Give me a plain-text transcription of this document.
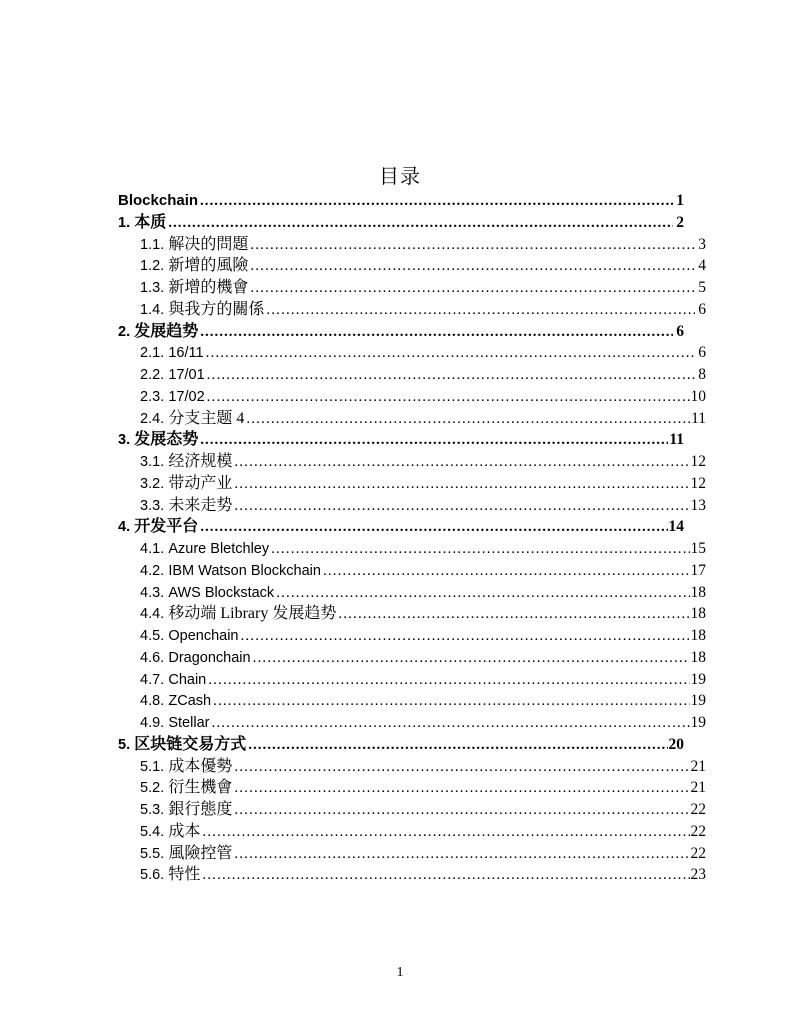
目录
Blockchain .....	1
1. 本质 .....	2
1.1. 解决的問題 .....	3
1.2. 新增的風險 .....	4
1.3. 新增的機會 .....	5
1.4. 與我方的關係 .....	6
2. 发展趋势 .....	6
2.1. 16/11 .....	6
2.2. 17/01 .....	8
2.3. 17/02 .....	10
2.4. 分支主题 4 .....	11
3. 发展态势 .....	11
3.1. 经济规模 .....	12
3.2. 带动产业 .....	12
3.3. 未来走势 .....	13
4. 开发平台 .....	14
4.1. Azure Bletchley .....	15
4.2. IBM Watson Blockchain .....	17
4.3. AWS Blockstack .....	18
4.4. 移动端 Library 发展趋势 .....	18
4.5. Openchain .....	18
4.6. Dragonchain .....	18
4.7. Chain .....	19
4.8. ZCash .....	19
4.9. Stellar .....	19
5. 区块链交易方式 .....	20
5.1. 成本優勢 .....	21
5.2. 衍生機會 .....	21
5.3. 銀行態度 .....	22
5.4. 成本 .....	22
5.5. 風險控管 .....	22
5.6. 特性 .....	23
1
